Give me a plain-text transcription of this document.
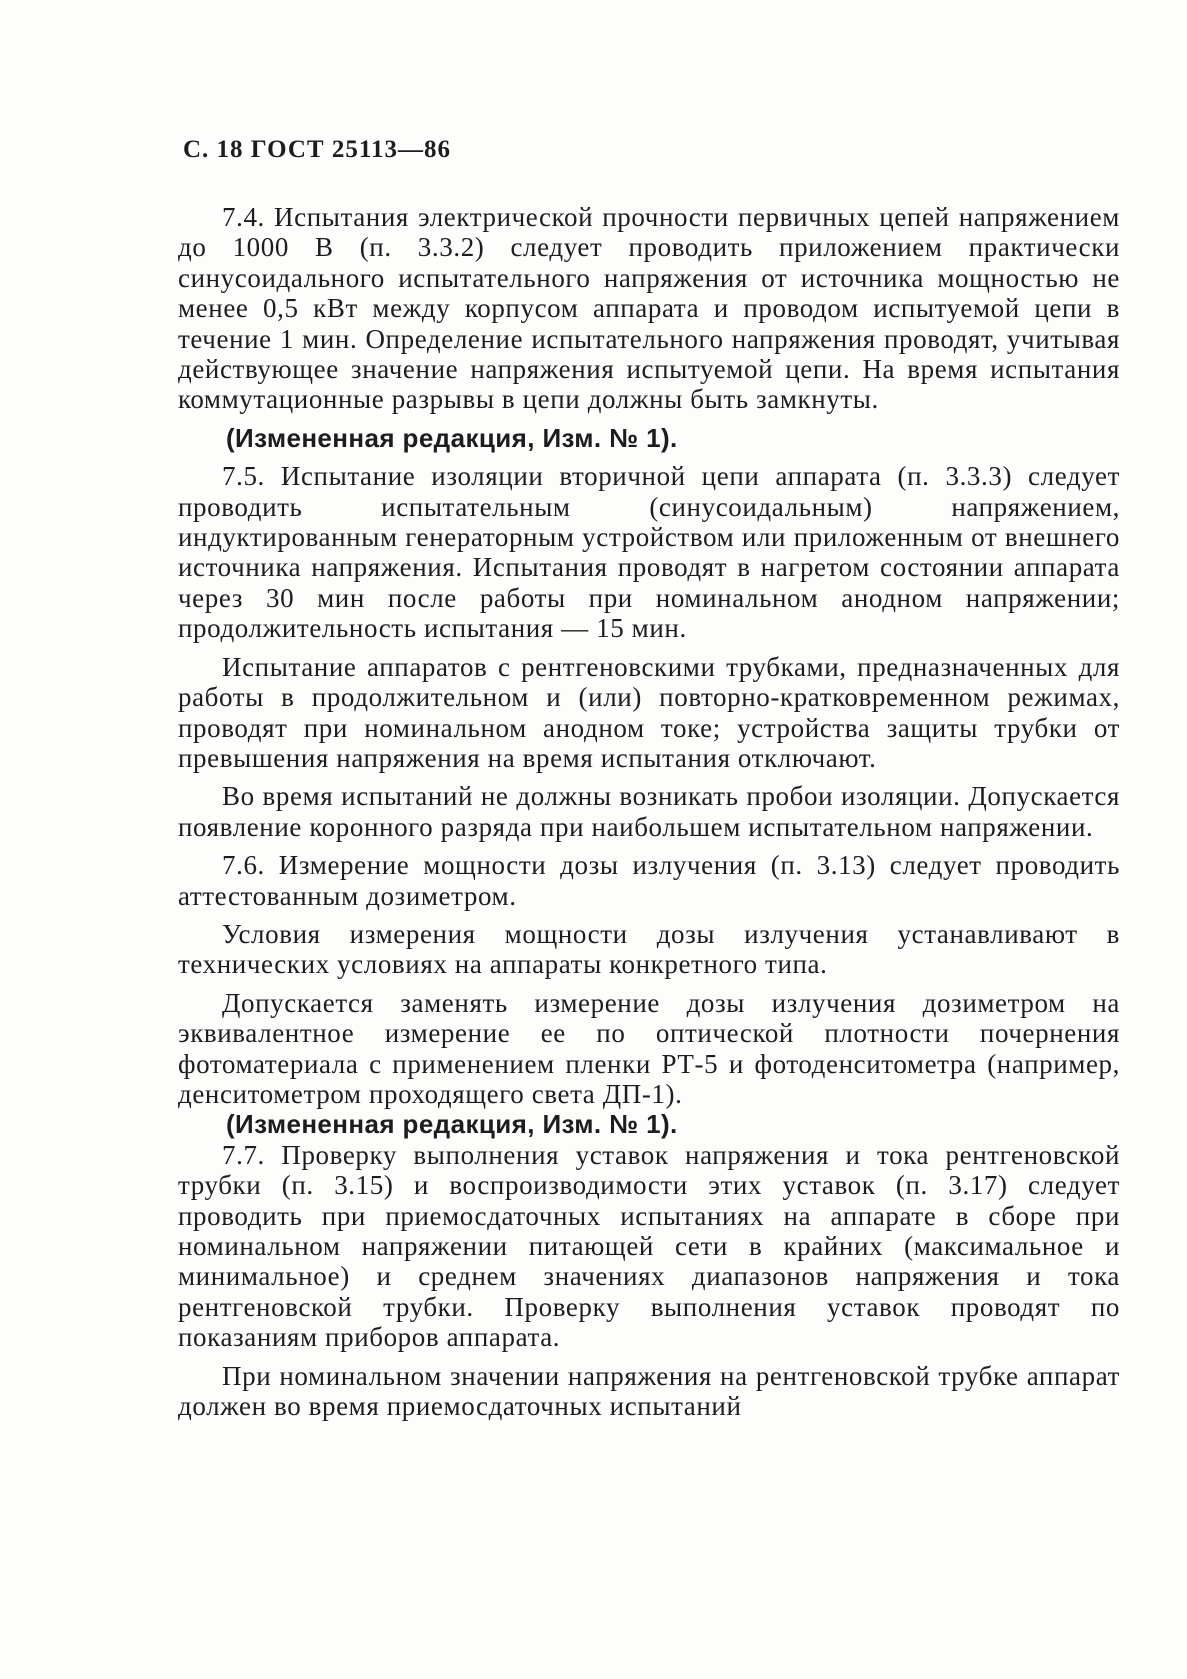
С. 18 ГОСТ 25113—86

7.4. Испытания электрической прочности первичных цепей напряжением до 1000 В (п. 3.3.2) следует проводить приложением практически синусоидального испытательного напряжения от источника мощностью не менее 0,5 кВт между корпусом аппарата и проводом испытуемой цепи в течение 1 мин. Определение испытательного напряжения проводят, учитывая действующее значение напряжения испытуемой цепи. На время испытания коммутационные разрывы в цепи должны быть замкнуты.

(Измененная редакция, Изм. № 1).

7.5. Испытание изоляции вторичной цепи аппарата (п. 3.3.3) следует проводить испытательным (синусоидальным) напряжением, индуктированным генераторным устройством или приложенным от внешнего источника напряжения. Испытания проводят в нагретом состоянии аппарата через 30 мин после работы при номинальном анодном напряжении; продолжительность испытания — 15 мин.

Испытание аппаратов с рентгеновскими трубками, предназначенных для работы в продолжительном и (или) повторно-кратковременном режимах, проводят при номинальном анодном токе; устройства защиты трубки от превышения напряжения на время испытания отключают.

Во время испытаний не должны возникать пробои изоляции. Допускается появление коронного разряда при наибольшем испытательном напряжении.

7.6. Измерение мощности дозы излучения (п. 3.13) следует проводить аттестованным дозиметром.

Условия измерения мощности дозы излучения устанавливают в технических условиях на аппараты конкретного типа.

Допускается заменять измерение дозы излучения дозиметром на эквивалентное измерение ее по оптической плотности почернения фотоматериала с применением пленки РТ-5 и фотоденситометра (например, денситометром проходящего света ДП-1).

(Измененная редакция, Изм. № 1).

7.7. Проверку выполнения уставок напряжения и тока рентгеновской трубки (п. 3.15) и воспроизводимости этих уставок (п. 3.17) следует проводить при приемосдаточных испытаниях на аппарате в сборе при номинальном напряжении питающей сети в крайних (максимальное и минимальное) и среднем значениях диапазонов напряжения и тока рентгеновской трубки. Проверку выполнения уставок проводят по показаниям приборов аппарата.

При номинальном значении напряжения на рентгеновской трубке аппарат должен во время приемосдаточных испытаний
